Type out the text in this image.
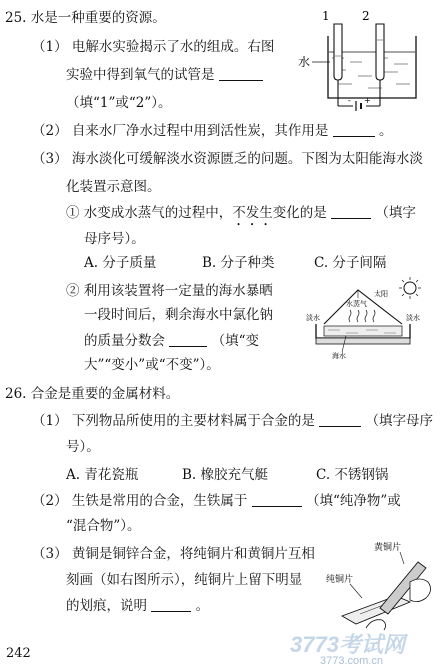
25. 水是一种重要的资源。
（1） 电解水实验揭示了水的组成。右图
实验中得到氧气的试管是
（填“1”或“2”）。
1	2
- +
水
（2） 自来水厂净水过程中用到活性炭，其作用是	。
（3） 海水淡化可缓解淡水资源匮乏的问题。下图为太阳能海水淡
化装置示意图。
① 水变成水蒸气的过程中，不发生变化的是	（填字
母序号）。
A. 分子质量	B. 分子种类	C. 分子间隔
② 利用该装置将一定量的海水暴晒
一段时间后，剩余海水中氯化钠
的质量分数会	（填“变
大”“变小”或“不变”）。
太阳
水蒸气
淡水	淡水
海水
26. 合金是重要的金属材料。
（1） 下列物品所使用的主要材料属于合金的是	（填字母序
号）。
A. 青花瓷瓶	B. 橡胶充气艇	C. 不锈钢锅
（2） 生铁是常用的合金，生铁属于	（填“纯净物”或
“混合物”）。
（3） 黄铜是铜锌合金，将纯铜片和黄铜片互相
刻画（如右图所示），纯铜片上留下明显
的划痕，说明	。
黄铜片
纯铜片
242	3773考试网
3773.com.cn
